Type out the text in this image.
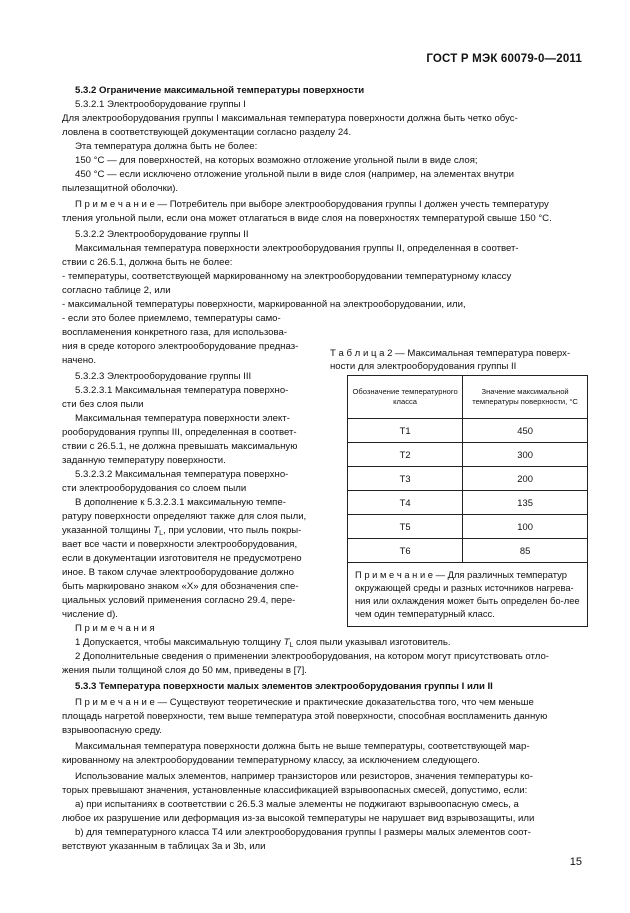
ГОСТ Р МЭК 60079-0—2011
5.3.2 Ограничение максимальной температуры поверхности
5.3.2.1 Электрооборудование группы I
Для электрооборудования группы I максимальная температура поверхности должна быть четко обус-
ловлена в соответствующей документации согласно разделу 24.
Эта температура должна быть не более:
150 °C — для поверхностей, на которых возможно отложение угольной пыли в виде слоя;
450 °C — если исключено отложение угольной пыли в виде слоя (например, на элементах внутри
пылезащитной оболочки).
П р и м е ч а н и е — Потребитель при выборе электрооборудования группы I должен учесть температуру
тления угольной пыли, если она может отлагаться в виде слоя на поверхностях температурой свыше 150 °C.
5.3.2.2 Электрооборудование группы II
Максимальная температура поверхности электрооборудования группы II, определенная в соответ-
ствии с 26.5.1, должна быть не более:
- температуры, соответствующей маркированному на электрооборудовании температурному классу
согласно таблице 2, или
- максимальной температуры поверхности, маркированной на электрооборудовании, или,
- если это более приемлемо, температуры само-
воспламенения конкретного газа, для использова-
ния в среде которого электрооборудование предназ-
начено.
5.3.2.3 Электрооборудование группы III
5.3.2.3.1 Максимальная температура поверхно-
сти без слоя пыли
Максимальная температура поверхности элект-
рооборудования группы III, определенная в соответ-
ствии с 26.5.1, не должна превышать максимальную
заданную температуру поверхности.
5.3.2.3.2 Максимальная температура поверхно-
сти электрооборудования со слоем пыли
В дополнение к 5.3.2.3.1 максимальную темпе-
ратуру поверхности определяют также для слоя пыли,
указанной толщины $T_L$, при условии, что пыль покры-
вает все части и поверхности электрооборудования,
если в документации изготовителя не предусмотрено
иное. В таком случае электрооборудование должно
быть маркировано знаком «X» для обозначения спе-
циальных условий применения согласно 29.4, пере-
числение d).
П р и м е ч а н и я
1 Допускается, чтобы максимальную толщину $T_L$ слоя пыли указывал изготовитель.
2 Дополнительные сведения о применении электрооборудования, на котором могут присутствовать отло-
жения пыли толщиной слоя до 50 мм, приведены в [7].
5.3.3 Температура поверхности малых элементов электрооборудования группы I или II
П р и м е ч а н и е — Существуют теоретические и практические доказательства того, что чем меньше
площадь нагретой поверхности, тем выше температура этой поверхности, способная воспламенить данную
взрывоопасную среду.
Максимальная температура поверхности должна быть не выше температуры, соответствующей мар-
кированному на электрооборудовании температурному классу, за исключением следующего.
Использование малых элементов, например транзисторов или резисторов, значения температуры ко-
торых превышают значения, установленные классификацией взрывоопасных смесей, допустимо, если:
a) при испытаниях в соответствии с 26.5.3 малые элементы не поджигают взрывоопасную смесь, а
любое их разрушение или деформация из-за высокой температуры не нарушает вид взрывозащиты, или
b) для температурного класса T4 или электрооборудования группы I размеры малых элементов соот-
ветствуют указанным в таблицах 3а и 3b, или
Т а б л и ц а 2 — Максимальная температура поверх-
ности для электрооборудования группы II
Обозначение температурного класса	Значение максимальной температуры поверхности, °C
T1	450
T2	300
T3	200
T4	135
T5	100
T6	85
П р и м е ч а н и е — Для различных температур окружающей среды и разных источников нагрева-ния или охлаждения может быть определен бо-лее чем один температурный класс.	
15
